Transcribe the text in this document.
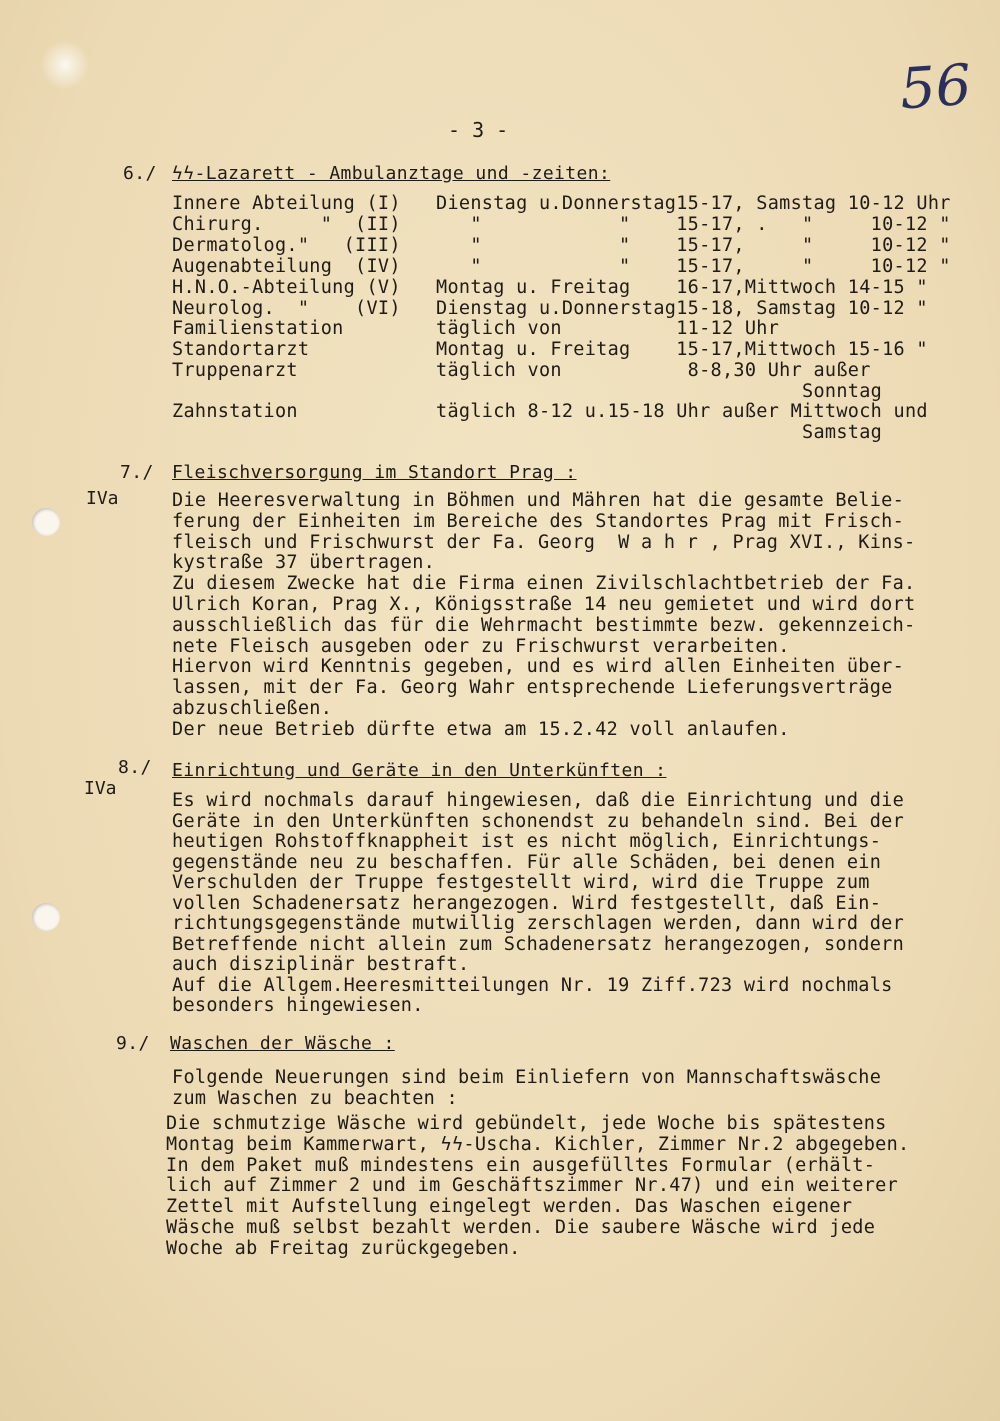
56
- 3 -
6./ ϟϟ-Lazarett - Ambulanztage und -zeiten:
Innere Abteilung (I) Dienstag u.Donnerstag15-17, Samstag 10-12 Uhr
Chirurg.     "  (II) "            "    15-17, .   "     10-12 "
Dermatolog."   (III) "            "    15-17,     "     10-12 "
Augenabteilung  (IV) "            "    15-17,     "     10-12 "
H.N.O.-Abteilung (V) Montag u. Freitag    16-17,Mittwoch 14-15 "
Neurolog.  "    (VI) Dienstag u.Donnerstag15-18, Samstag 10-12 "
Familienstation	täglich von          11-12 Uhr
Standortarzt	Montag u. Freitag    15-17,Mittwoch 15-16 "
Truppenarzt	täglich von           8-8,30 Uhr außer
Sonntag
Zahnstation	täglich 8-12 u.15-18 Uhr außer Mittwoch und
Samstag
7./ Fleischversorgung im Standort Prag :
IVa	Die Heeresverwaltung in Böhmen und Mähren hat die gesamte Belie-
ferung der Einheiten im Bereiche des Standortes Prag mit Frisch-
fleisch und Frischwurst der Fa. Georg  W a h r , Prag XVI., Kins-
kystraße 37 übertragen.
Zu diesem Zwecke hat die Firma einen Zivilschlachtbetrieb der Fa.
Ulrich Koran, Prag X., Königsstraße 14 neu gemietet und wird dort
ausschließlich das für die Wehrmacht bestimmte bezw. gekennzeich-
nete Fleisch ausgeben oder zu Frischwurst verarbeiten.
Hiervon wird Kenntnis gegeben, und es wird allen Einheiten über-
lassen, mit der Fa. Georg Wahr entsprechende Lieferungsverträge
abzuschließen.
Der neue Betrieb dürfte etwa am 15.2.42 voll anlaufen.
8./ Einrichtung und Geräte in den Unterkünften :
IVa
Es wird nochmals darauf hingewiesen, daß die Einrichtung und die
Geräte in den Unterkünften schonendst zu behandeln sind. Bei der
heutigen Rohstoffknappheit ist es nicht möglich, Einrichtungs-
gegenstände neu zu beschaffen. Für alle Schäden, bei denen ein
Verschulden der Truppe festgestellt wird, wird die Truppe zum
vollen Schadenersatz herangezogen. Wird festgestellt, daß Ein-
richtungsgegenstände mutwillig zerschlagen werden, dann wird der
Betreffende nicht allein zum Schadenersatz herangezogen, sondern
auch disziplinär bestraft.
Auf die Allgem.Heeresmitteilungen Nr. 19 Ziff.723 wird nochmals
besonders hingewiesen.
9./ Waschen der Wäsche :
Folgende Neuerungen sind beim Einliefern von Mannschaftswäsche
zum Waschen zu beachten :
Die schmutzige Wäsche wird gebündelt, jede Woche bis spätestens
Montag beim Kammerwart, ϟϟ-Uscha. Kichler, Zimmer Nr.2 abgegeben.
In dem Paket muß mindestens ein ausgefülltes Formular (erhält-
lich auf Zimmer 2 und im Geschäftszimmer Nr.47) und ein weiterer
Zettel mit Aufstellung eingelegt werden. Das Waschen eigener
Wäsche muß selbst bezahlt werden. Die saubere Wäsche wird jede
Woche ab Freitag zurückgegeben.
